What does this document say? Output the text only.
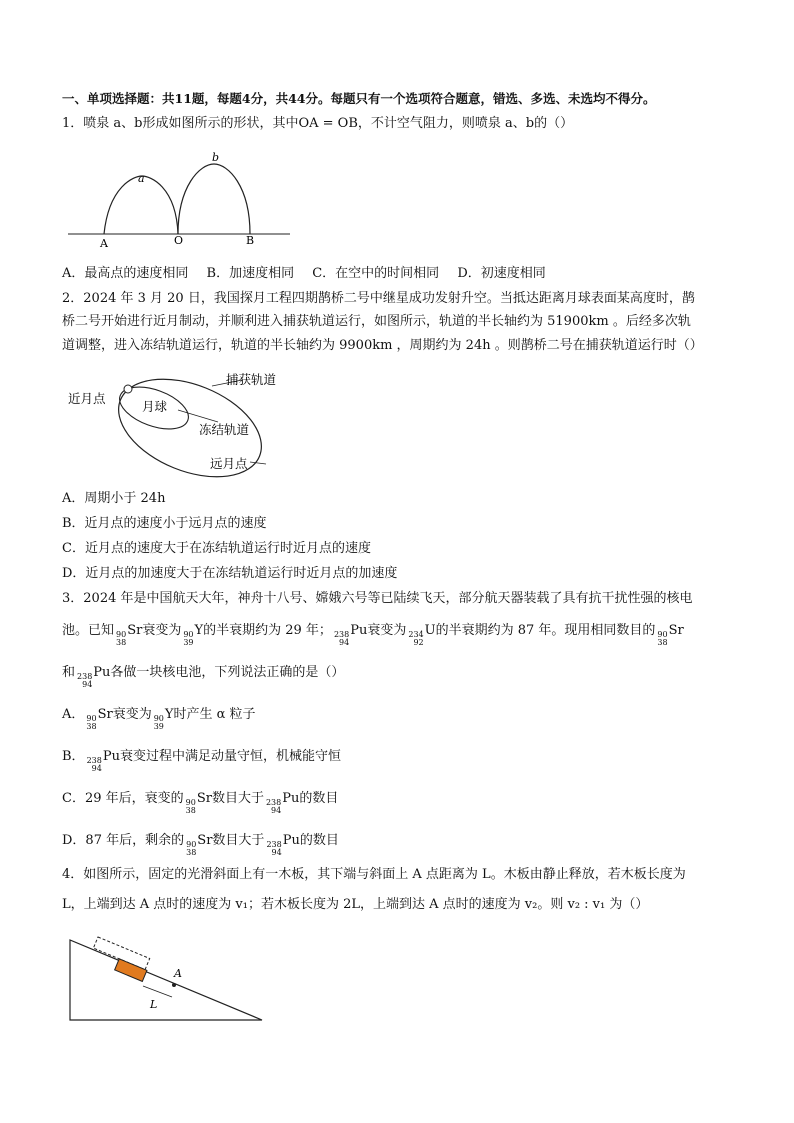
一、单项选择题：共11题，每题4分，共44分。每题只有一个选项符合题意，错选、多选、未选均不得分。
1．喷泉 a、b形成如图所示的形状，其中OA = OB，不计空气阻力，则喷泉 a、b的（）
a
b
A	O	B
A．最高点的速度相同 B．加速度相同 C．在空中的时间相同 D．初速度相同
2．2024 年 3 月 20 日，我国探月工程四期鹊桥二号中继星成功发射升空。当抵达距离月球表面某高度时，鹊
桥二号开始进行近月制动，并顺利进入捕获轨道运行，如图所示，轨道的半长轴约为 51900km 。后经多次轨
道调整，进入冻结轨道运行，轨道的半长轴约为 9900km ，周期约为 24h 。则鹊桥二号在捕获轨道运行时（）
捕获轨道
近月点
月球
冻结轨道
远月点
A．周期小于 24h
B．近月点的速度小于远月点的速度
C．近月点的速度大于在冻结轨道运行时近月点的速度
D．近月点的加速度大于在冻结轨道运行时近月点的加速度
3．2024 年是中国航天大年，神舟十八号、嫦娥六号等已陆续飞天，部分航天器装载了具有抗干扰性强的核电
池。已知 90
38
Sr衰变为 90
39
Y的半衰期约为 29 年； 238
94
Pu衰变为 234
92
U的半衰期约为 87 年。现用相同数目的 90
38
Sr
和 238
94
Pu各做一块核电池，下列说法正确的是（）
A． 90
38
Sr衰变为 90
39
Y时产生 α 粒子
B． 238
94
Pu衰变过程中满足动量守恒，机械能守恒
C．29 年后，衰变的 90
38
Sr数目大于 238
94
Pu的数目
D．87 年后，剩余的 90
38
Sr数目大于 238
94
Pu的数目
4．如图所示，固定的光滑斜面上有一木板，其下端与斜面上 A 点距离为 L。木板由静止释放，若木板长度为
L，上端到达 A 点时的速度为 v₁；若木板长度为 2L，上端到达 A 点时的速度为 v₂。则 v₂ : v₁ 为（）
A
L
